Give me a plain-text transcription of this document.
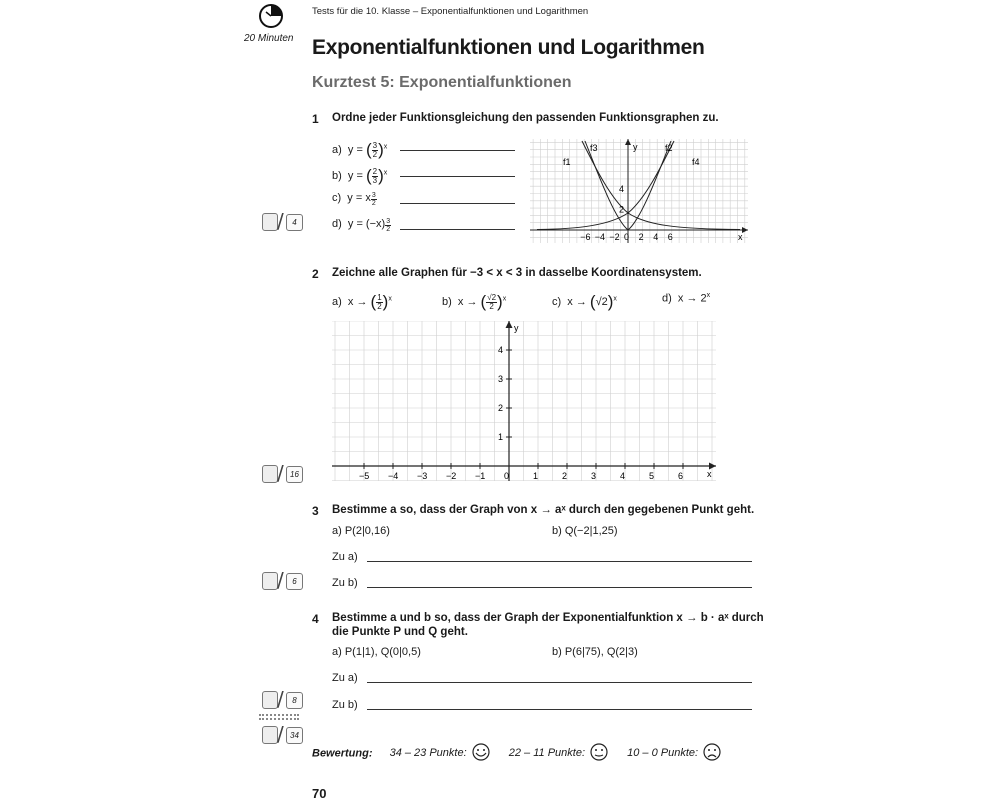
20 Minuten
Tests für die 10. Klasse – Exponentialfunktionen und Logarithmen
Exponentialfunktionen und Logarithmen
Kurztest 5: Exponentialfunktionen
1 Ordne jeder Funktionsgleichung den passenden Funktionsgraphen zu.
a)  y = ( $\frac{3}{2} )^x$
b)  y = ( $\frac{2}{3} )^x$
c)  y = x $\frac{3}{2}$
d)  $y = (-x) \frac{3}{2}$
/	4
f1
f3	f2
f4
y
x
−6 −4 −2 0 2 4 6
2
4
2 Zeichne alle Graphen für −3 < x < 3 in dasselbe Koordinatensystem.
a)  x → ( $\frac{1}{2} )^x$	b)  x → ( $\frac{√2}{2} )^x$	c)  $x \to (√2)^x$	d)  $x \to 2^x$
y
x
−5 −4 −3 −2 −1 0	1	2	3	4	5	6
1
2
3
4
/ 16
3 Bestimme a so, dass der Graph von x → aˣ durch den gegebenen Punkt geht.
a) P(2|0,16)	b) Q(−2|1,25)
Zu a)
Zu b)
/	6
4 Bestimme a und b so, dass der Graph der Exponentialfunktion x → b · aˣ durch
die Punkte P und Q geht.
a) P(1|1), Q(0|0,5)	b) P(6|75), Q(2|3)
Zu a)
Zu b)
/	8
/ 34
Bewertung: 34 – 23 Punkte:	22 – 11 Punkte:	10 – 0 Punkte:
70
